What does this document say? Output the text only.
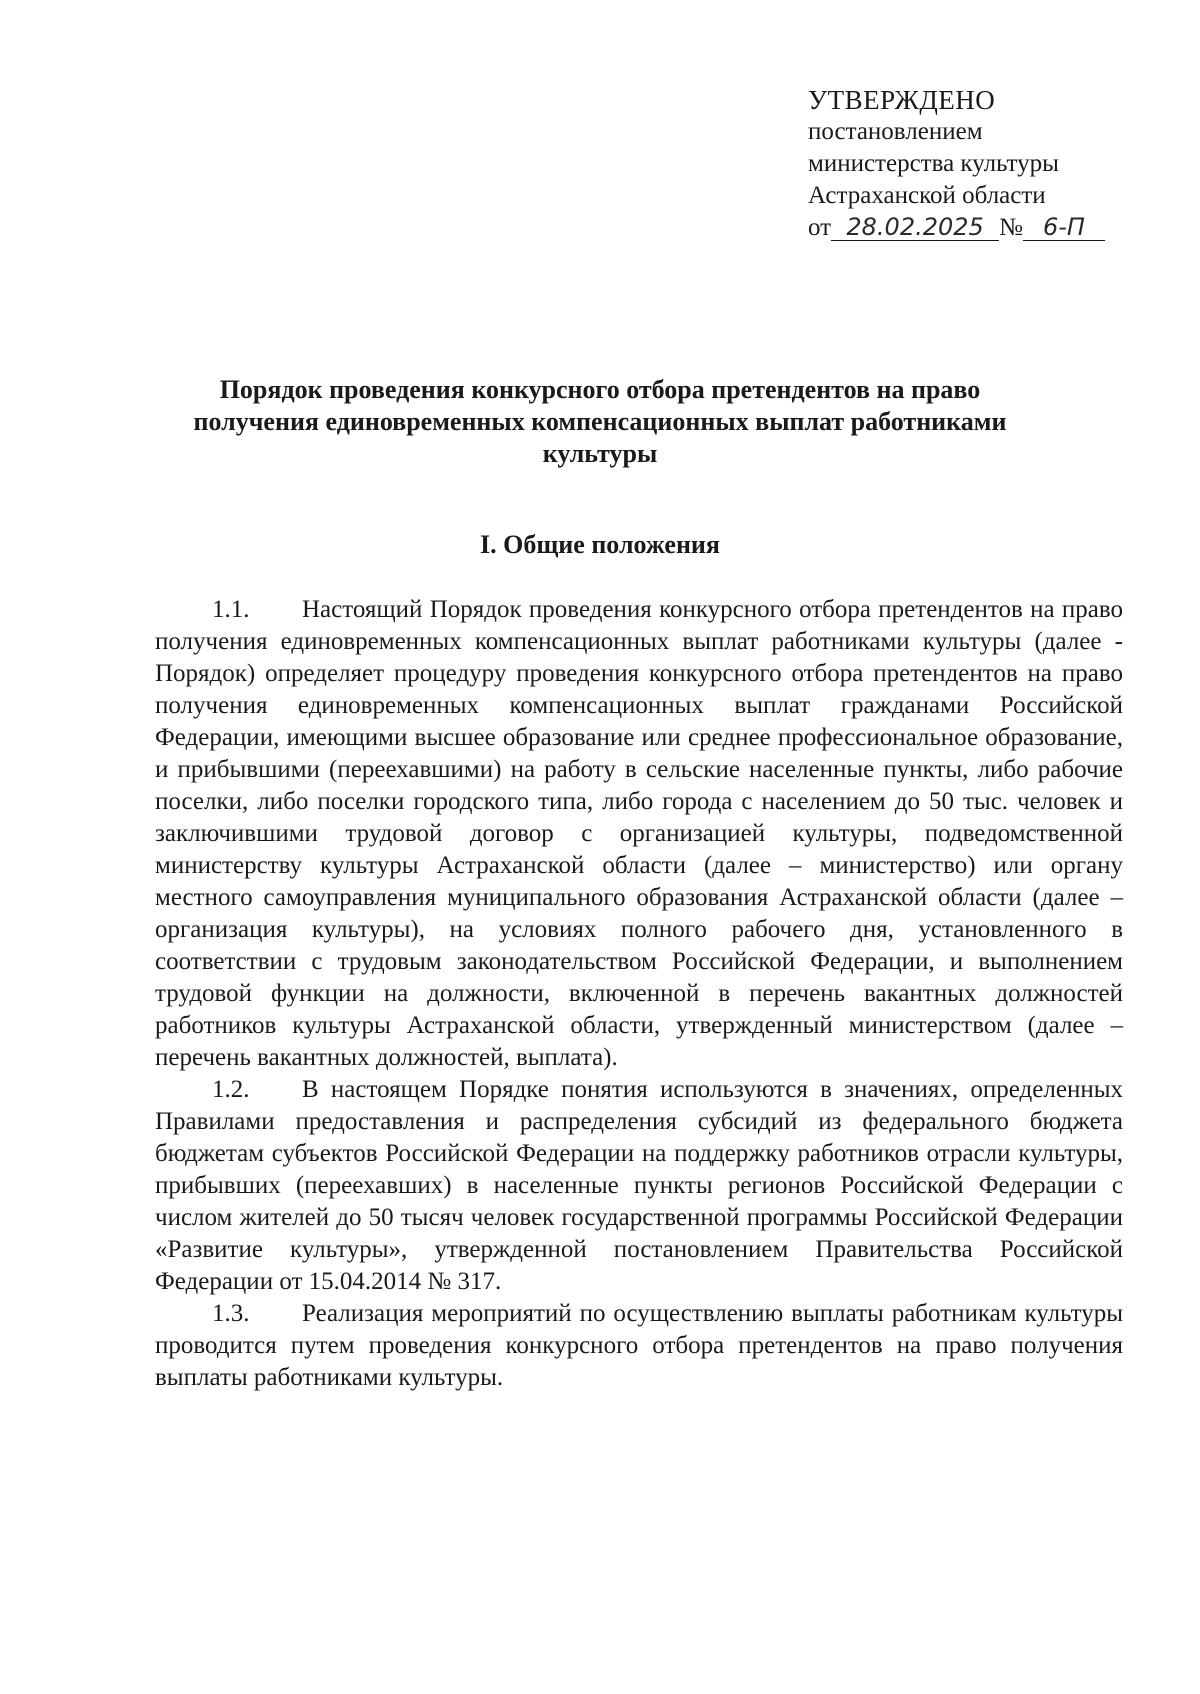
УТВЕРЖДЕНО
постановлением
министерства культуры
Астраханской области
от 28.02.2025 № 6-П
Порядок проведения конкурсного отбора претендентов на право
получения единовременных компенсационных выплат работниками
культуры
I. Общие положения

1.1. Настоящий Порядок проведения конкурсного отбора претендентов на право получения единовременных компенсационных выплат работниками культуры (далее - Порядок) определяет процедуру проведения конкурсного отбора претендентов на право получения единовременных компенсационных выплат гражданами Российской Федерации, имеющими высшее образование или среднее профессиональное образование, и прибывшими (переехавшими) на работу в сельские населенные пункты, либо рабочие поселки, либо поселки городского типа, либо города с населением до 50 тыс. человек и заключившими трудовой договор с организацией культуры, подведомственной министерству культуры Астраханской области (далее – министерство) или органу местного самоуправления муниципального образования Астраханской области (далее – организация культуры), на условиях полного рабочего дня, установленного в соответствии с трудовым законодательством Российской Федерации, и выполнением трудовой функции на должности, включенной в перечень вакантных должностей работников культуры Астраханской области, утвержденный министерством (далее – перечень вакантных должностей, выплата).

1.2. В настоящем Порядке понятия используются в значениях, определенных Правилами предоставления и распределения субсидий из федерального бюджета бюджетам субъектов Российской Федерации на поддержку работников отрасли культуры, прибывших (переехавших) в населенные пункты регионов Российской Федерации с числом жителей до 50 тысяч человек государственной программы Российской Федерации «Развитие культуры», утвержденной постановлением Правительства Российской Федерации от 15.04.2014 № 317.

1.3. Реализация мероприятий по осуществлению выплаты работникам культуры проводится путем проведения конкурсного отбора претендентов на право получения выплаты работниками культуры.
